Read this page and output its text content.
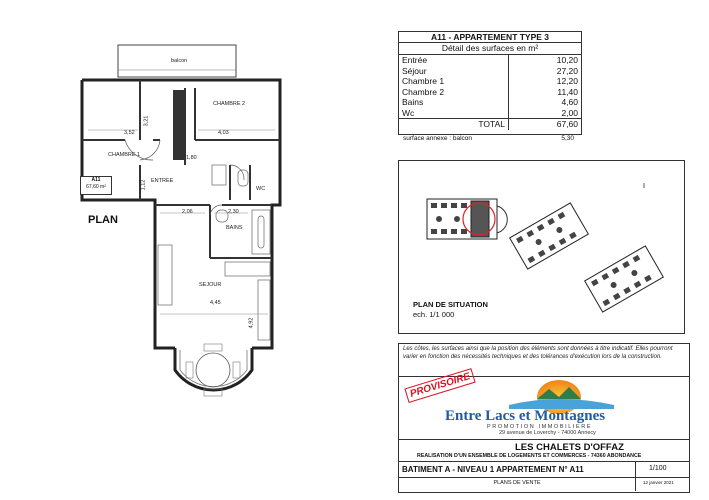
balcon
CHAMBRE 2
CHAMBRE 1
ENTREE
WC
BAINS
SEJOUR
3,52	4,03
3,21
1,80
1,12
2,06	2,30
4,45
4,92
A11
67,60 m²
PLAN
A11 - APPARTEMENT TYPE 3
Détail des surfaces en m²
Entrée	10,20
Séjour	27,20
Chambre 1	12,20
Chambre 2	11,40
Bains	4,60
Wc	2,00
TOTAL	67,60
surface annexe : balcon	5,30
PLAN DE SITUATION
ech. 1/1 000
Les côtes, les surfaces ainsi que la position des éléments sont données à titre indicatif. Elles pourront varier en fonction des nécessités techniques et des tolérances d'exécution lors de la construction.
PROVISOIRE
Entre Lacs et Montagnes
PROMOTION IMMOBILIERE
29 avenue de Loverchy - 74000 Annecy
LES CHALETS D'OFFAZ
REALISATION D'UN ENSEMBLE DE LOGEMENTS ET COMMERCES - 74360 ABONDANCE
BATIMENT A - NIVEAU 1 APPARTEMENT N° A11	1/100
PLANS DE VENTE	12 janvier 2021
